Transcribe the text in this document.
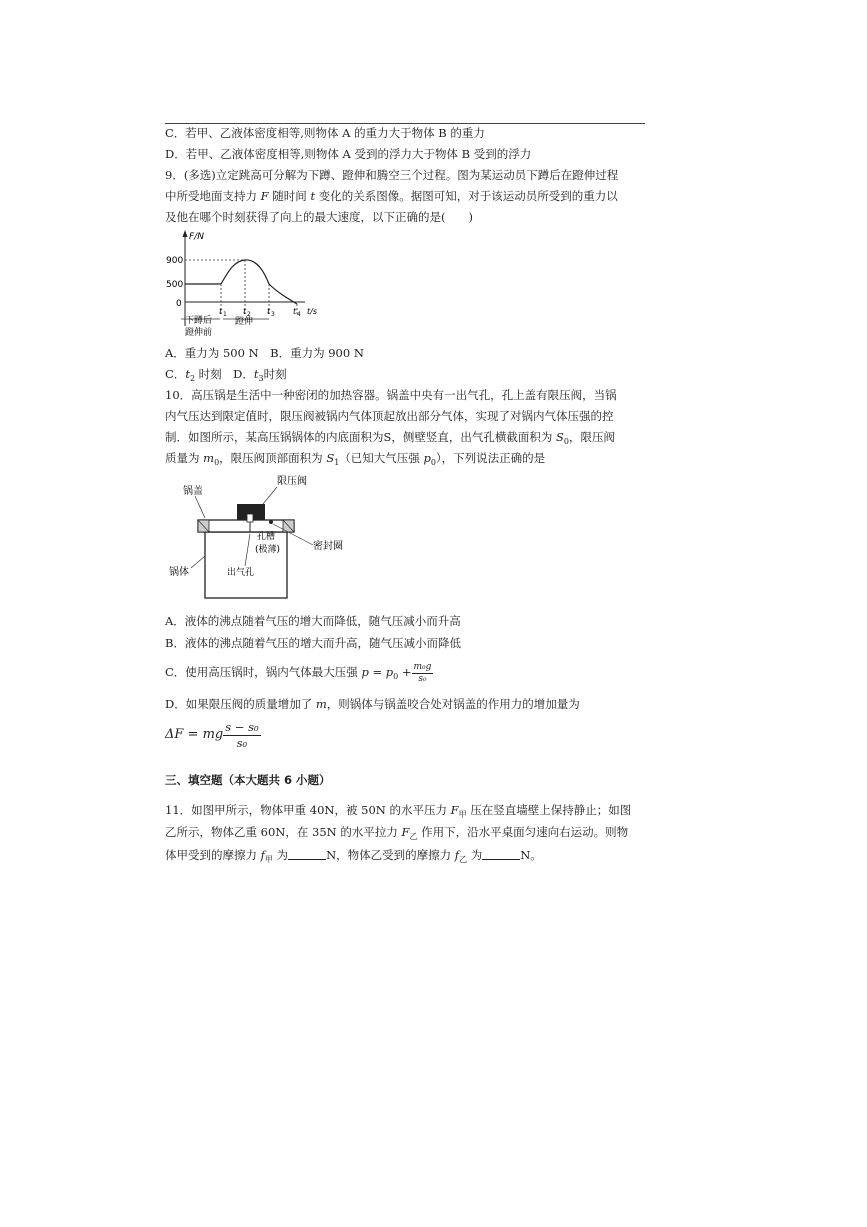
C．若甲、乙液体密度相等,则物体 A 的重力大于物体 B 的重力
D．若甲、乙液体密度相等,则物体 A 受到的浮力大于物体 B 受到的浮力
9．(多选)立定跳高可分解为下蹲、蹬伸和腾空三个过程。图为某运动员下蹲后在蹬伸过程
中所受地面支持力 F 随时间 t 变化的关系图像。据图可知，对于该运动员所受到的重力以
及他在哪个时刻获得了向上的最大速度，以下正确的是(　　)
F/N
900
500
0
t 1 t 2 t 3 t 4 t/s
下蹲后
蹬伸前
蹬伸
A．重力为 500 N　B．重力为 900 N
C．$t_2$ 时刻　D．$t_3$时刻
10．高压锅是生活中一种密闭的加热容器。锅盖中央有一出气孔，孔上盖有限压阀，当锅
内气压达到限定值时，限压阀被锅内气体顶起放出部分气体，实现了对锅内气体压强的控
制．如图所示，某高压锅锅体的内底面积为S，侧壁竖直，出气孔横截面积为 $S_0$，限压阀
质量为 $m_0$，限压阀顶部面积为 $S_1$（已知大气压强 $p_0$），下列说法正确的是
锅盖
限压阀
锅体
密封圈
孔槽
(极薄)
出气孔
A．液体的沸点随着气压的增大而降低，随气压减小而升高
B．液体的沸点随着气压的增大而升高，随气压减小而降低
C．使用高压锅时，锅内气体最大压强 $p = p_0 + \frac{\text{m₀g}}{\text{s₀}}$
D．如果限压阀的质量增加了 m，则锅体与锅盖咬合处对锅盖的作用力的增加量为
ΔF = mg $\frac{\text{s − s₀}}{\text{s₀}}$
三、填空题（本大题共 6 小题）
11．如图甲所示，物体甲重 40N，被 50N 的水平压力 $F_甲$ 压在竖直墙壁上保持静止；如图
乙所示，物体乙重 60N，在 35N 的水平拉力 $F_乙$ 作用下，沿水平桌面匀速向右运动。则物
体甲受到的摩擦力 $f_甲$ 为	N，物体乙受到的摩擦力 $f_乙$ 为	N。
